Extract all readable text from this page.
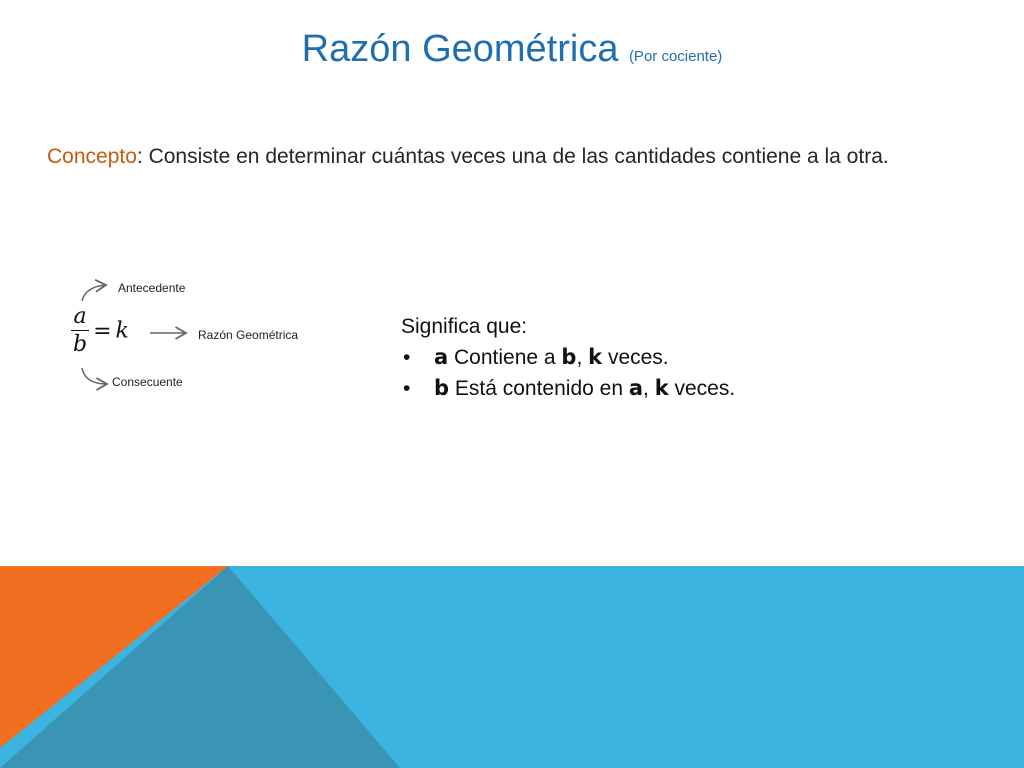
Razón Geométrica (Por cociente)
Concepto: Consiste en determinar cuántas veces una de las cantidades contiene a la otra.
$\frac{a}{b} = k$
Antecedente
Razón Geométrica
Consecuente
Significa que:
• a Contiene a b, k veces.
• b Está contenido en a, k veces.
